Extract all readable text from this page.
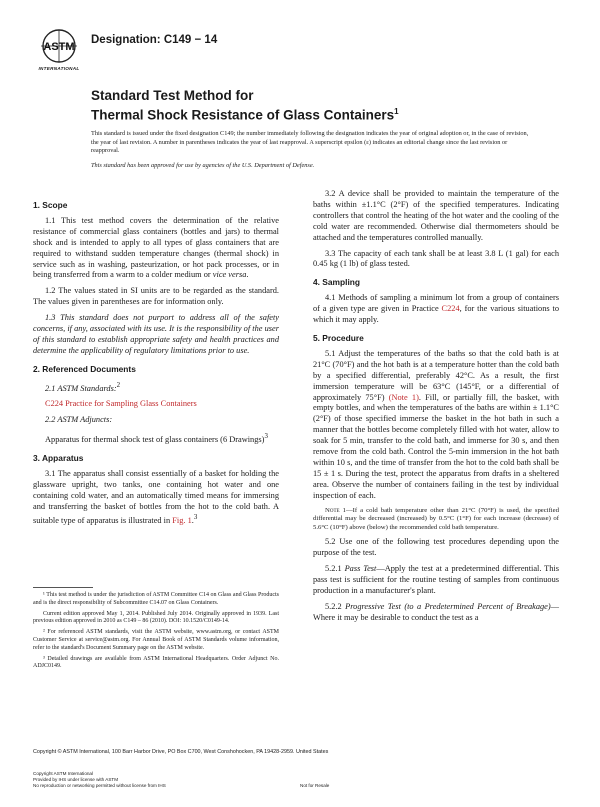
ASTM
INTERNATIONAL
Designation: C149 − 14
Standard Test Method for
Thermal Shock Resistance of Glass Containers$^1$

This standard is issued under the fixed designation C149; the number immediately following the designation indicates the year of original adoption or, in the case of revision, the year of last revision. A number in parentheses indicates the year of last reapproval. A superscript epsilon (ε) indicates an editorial change since the last revision or reapproval.

This standard has been approved for use by agencies of the U.S. Department of Defense.

1. Scope

1.1 This test method covers the determination of the relative resistance of commercial glass containers (bottles and jars) to thermal shock and is intended to apply to all types of glass containers that are required to withstand sudden temperature changes (thermal shock) in service such as in washing, pasteurization, or hot pack processes, or in being transferred from a warm to a colder medium or vice versa.

1.2 The values stated in SI units are to be regarded as the standard. The values given in parentheses are for information only.

1.3 This standard does not purport to address all of the safety concerns, if any, associated with its use. It is the responsibility of the user of this standard to establish appropriate safety and health practices and determine the applicability of regulatory limitations prior to use.

2. Referenced Documents

2.1 ASTM Standards:$^2$

C224 Practice for Sampling Glass Containers

2.2 ASTM Adjuncts:

Apparatus for thermal shock test of glass containers (6 Drawings)$^3$

3. Apparatus

3.1 The apparatus shall consist essentially of a basket for holding the glassware upright, two tanks, one containing hot water and one containing cold water, and an automatically timed means for immersing and transferring the basket of bottles from the hot to the cold bath. A suitable type of apparatus is illustrated in Fig. 1.$^3$

¹ This test method is under the jurisdiction of ASTM Committee C14 on Glass and Glass Products and is the direct responsibility of Subcommittee C14.07 on Glass Containers.

Current edition approved May 1, 2014. Published July 2014. Originally approved in 1939. Last previous edition approved in 2010 as C149 – 86 (2010). DOI: 10.1520/C0149-14.

² For referenced ASTM standards, visit the ASTM website, www.astm.org, or contact ASTM Customer Service at service@astm.org. For Annual Book of ASTM Standards volume information, refer to the standard's Document Summary page on the ASTM website.

³ Detailed drawings are available from ASTM International Headquarters. Order Adjunct No. ADJC0149.

3.2 A device shall be provided to maintain the temperature of the baths within ±1.1°C (2°F) of the specified temperatures. Indicating controllers that control the heating of the hot water and the cooling of the cold water are recommended. Otherwise dial thermometers should be attached and the temperatures controlled manually.

3.3 The capacity of each tank shall be at least 3.8 L (1 gal) for each 0.45 kg (1 lb) of glass tested.

4. Sampling

4.1 Methods of sampling a minimum lot from a group of containers of a given type are given in Practice C224, for the various situations to which it may apply.

5. Procedure

5.1 Adjust the temperatures of the baths so that the cold bath is at 21°C (70°F) and the hot bath is at a temperature hotter than the cold bath by a specified differential, preferably 42°C. As a result, the first immersion temperature will be 63°C (145°F, or a differential of approximately 75°F) (Note 1). Fill, or partially fill, the basket, with empty bottles, and when the temperatures of the baths are within ± 1.1°C (2°F) of those specified immerse the basket in the hot bath in such a manner that the bottles become completely filled with hot water, allow to soak for 5 min, transfer to the cold bath, and immerse for 30 s, and then remove from the cold bath. Control the 5-min immersion in the hot bath within 10 s, and the time of transfer from the hot to the cold bath shall be 15 ± 1 s. During the test, protect the apparatus from drafts in a sheltered area. Observe the number of containers failing in the test by individual inspection of each.

Note 1—If a cold bath temperature other than 21°C (70°F) is used, the specified differential may be decreased (increased) by 0.5°C (1°F) for each increase (decrease) of 5.6°C (10°F) above (below) the recommended cold bath temperature.

5.2 Use one of the following test procedures depending upon the purpose of the test.

5.2.1 Pass Test—Apply the test at a predetermined differential. This pass test is sufficient for the routine testing of samples from continuous production in a manufacturer's plant.

5.2.2 Progressive Test (to a Predetermined Percent of Breakage)—Where it may be desirable to conduct the test as a

Copyright © ASTM International, 100 Barr Harbor Drive, PO Box C700, West Conshohocken, PA 19428-2959. United States
Copyright ASTM International
Provided by IHS under license with ASTM
No reproduction or networking permitted without license from IHS	Not for Resale
